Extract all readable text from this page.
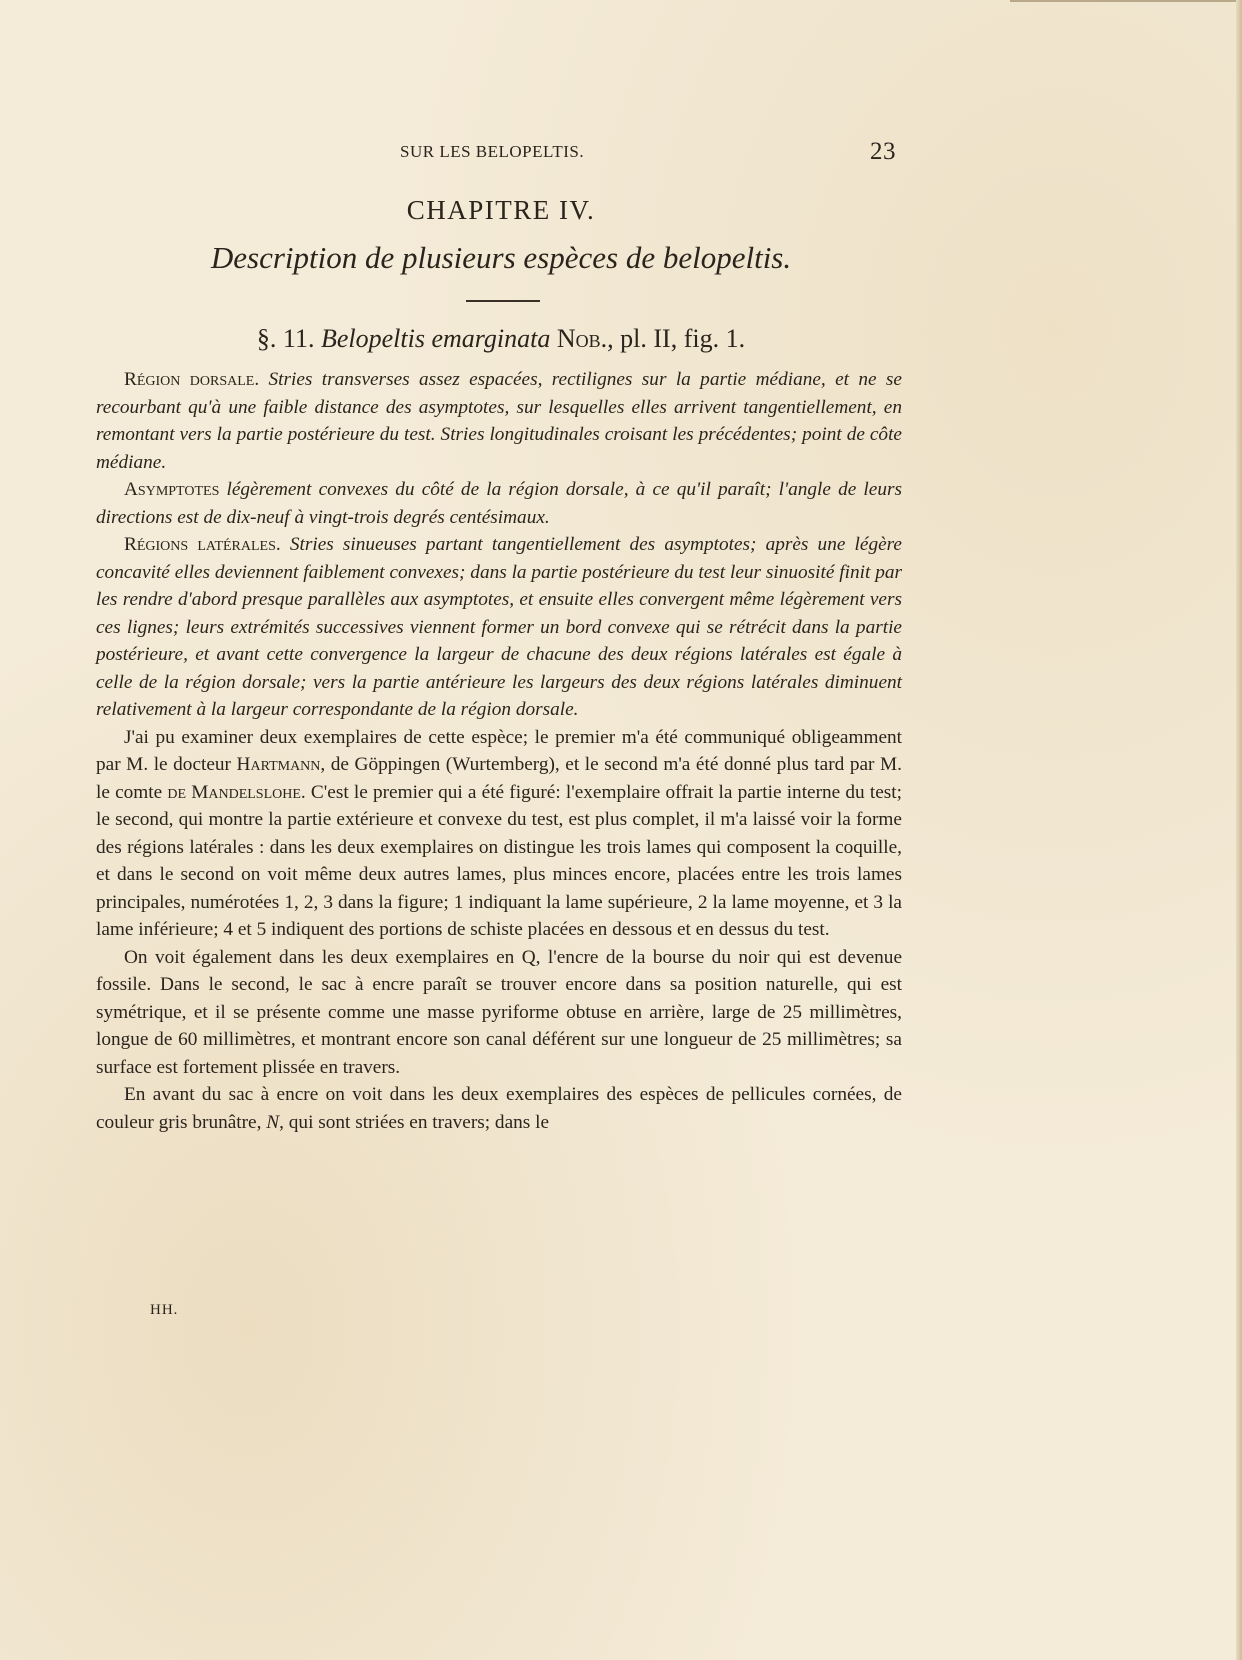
SUR LES BELOPELTIS.	23
CHAPITRE IV.
Description de plusieurs espèces de belopeltis.
§. 11. Belopeltis emarginata Nob., pl. II, fig. 1.

Région dorsale. Stries transverses assez espacées, rectilignes sur la partie médiane, et ne se recourbant qu'à une faible distance des asymptotes, sur lesquelles elles arrivent tangentiellement, en remontant vers la partie postérieure du test. Stries longitudinales croisant les précédentes; point de côte médiane.

Asymptotes légèrement convexes du côté de la région dorsale, à ce qu'il paraît; l'angle de leurs directions est de dix-neuf à vingt-trois degrés centésimaux.

Régions latérales. Stries sinueuses partant tangentiellement des asymptotes; après une légère concavité elles deviennent faiblement convexes; dans la partie postérieure du test leur sinuosité finit par les rendre d'abord presque parallèles aux asymptotes, et ensuite elles convergent même légèrement vers ces lignes; leurs extrémités successives viennent former un bord convexe qui se rétrécit dans la partie postérieure, et avant cette convergence la largeur de chacune des deux régions latérales est égale à celle de la région dorsale; vers la partie antérieure les largeurs des deux régions latérales diminuent relativement à la largeur correspondante de la région dorsale.

J'ai pu examiner deux exemplaires de cette espèce; le premier m'a été communiqué obligeamment par M. le docteur Hartmann, de Göppingen (Wurtemberg), et le second m'a été donné plus tard par M. le comte de Mandelslohe. C'est le premier qui a été figuré: l'exemplaire offrait la partie interne du test; le second, qui montre la partie extérieure et convexe du test, est plus complet, il m'a laissé voir la forme des régions latérales : dans les deux exemplaires on distingue les trois lames qui composent la coquille, et dans le second on voit même deux autres lames, plus minces encore, placées entre les trois lames principales, numérotées 1, 2, 3 dans la figure; 1 indiquant la lame supérieure, 2 la lame moyenne, et 3 la lame inférieure; 4 et 5 indiquent des portions de schiste placées en dessous et en dessus du test.

On voit également dans les deux exemplaires en Q, l'encre de la bourse du noir qui est devenue fossile. Dans le second, le sac à encre paraît se trouver encore dans sa position naturelle, qui est symétrique, et il se présente comme une masse pyriforme obtuse en arrière, large de 25 millimètres, longue de 60 millimètres, et montrant encore son canal déférent sur une longueur de 25 millimètres; sa surface est fortement plissée en travers.

En avant du sac à encre on voit dans les deux exemplaires des espèces de pellicules cornées, de couleur gris brunâtre, N, qui sont striées en travers; dans le

HH.
